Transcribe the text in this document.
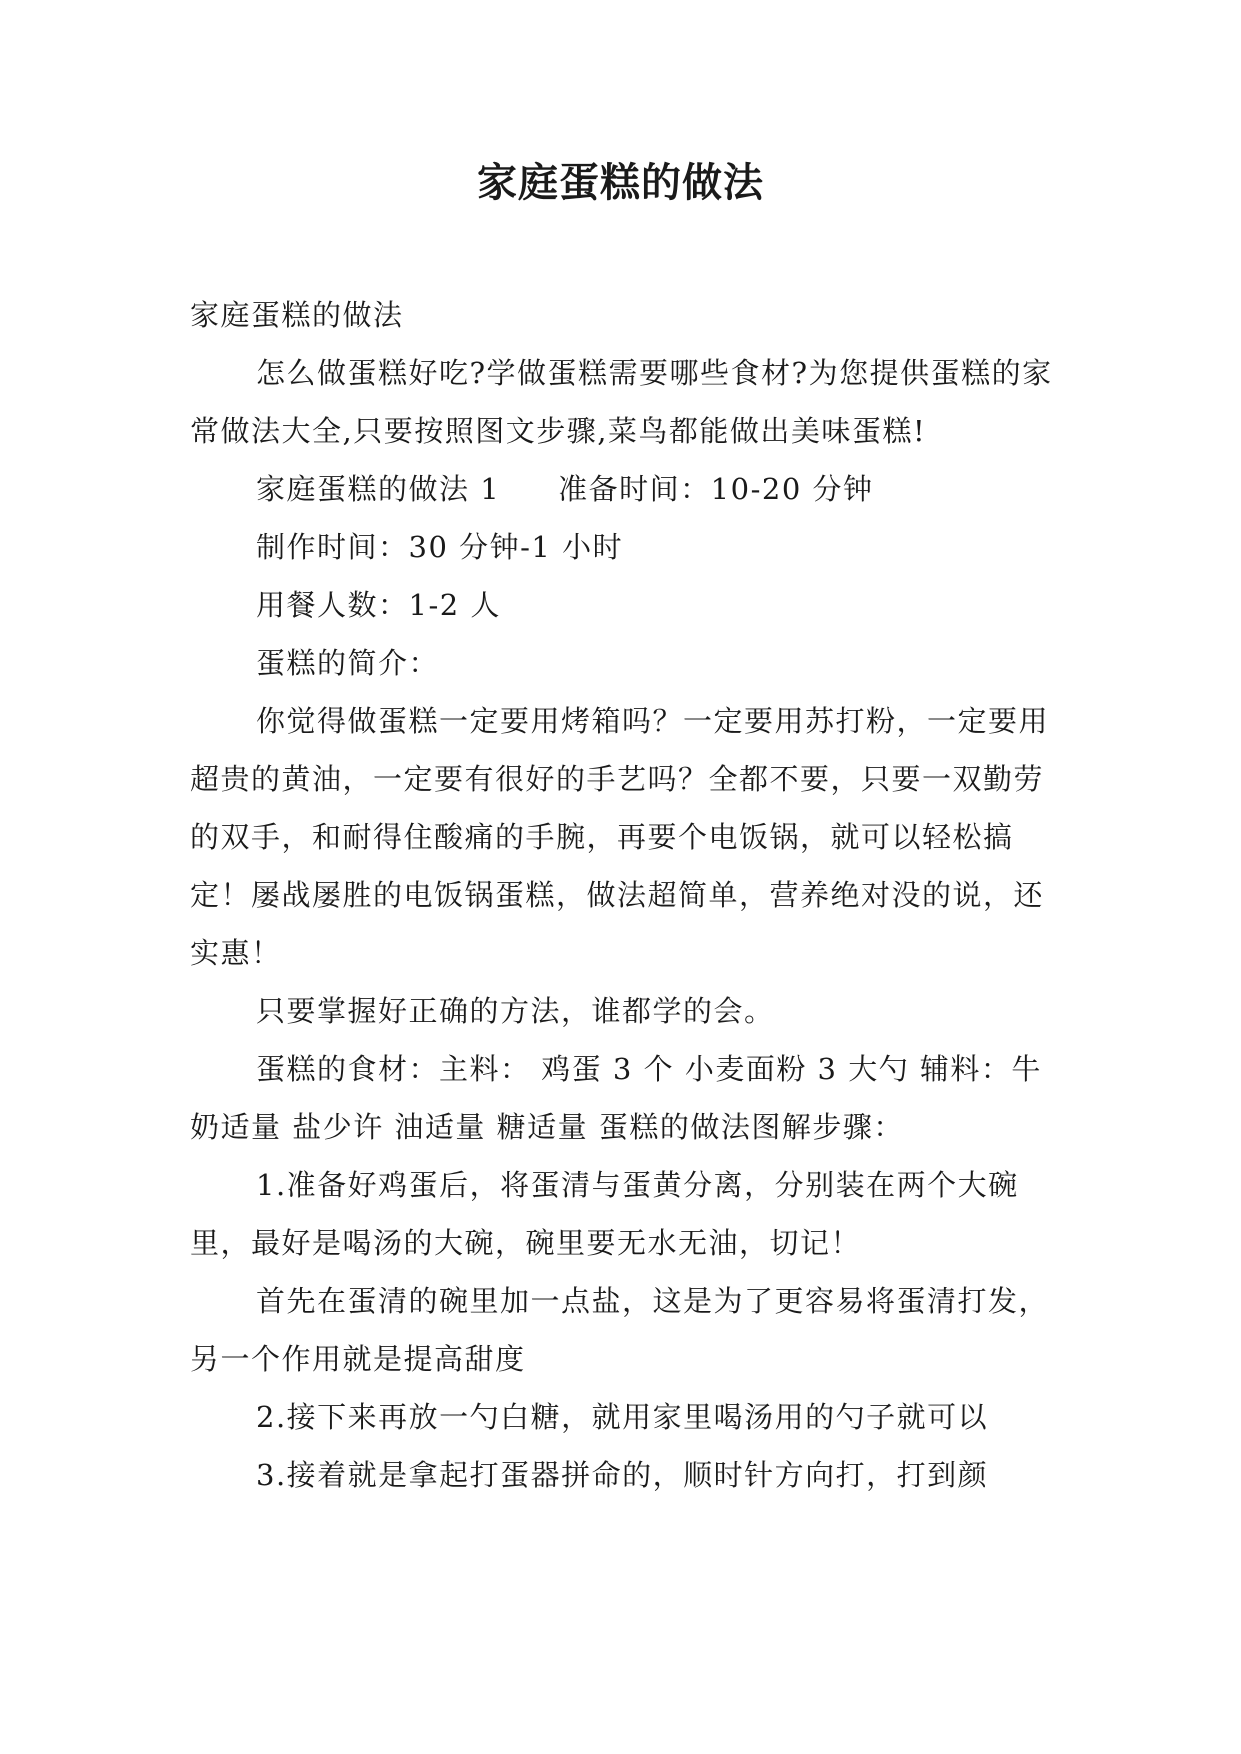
家庭蛋糕的做法

家庭蛋糕的做法

怎么做蛋糕好吃?学做蛋糕需要哪些食材?为您提供蛋糕的家常做法大全,只要按照图文步骤,菜鸟都能做出美味蛋糕!

家庭蛋糕的做法 1 准备时间：10-20 分钟

制作时间：30 分钟-1 小时

用餐人数：1-2 人

蛋糕的简介：

你觉得做蛋糕一定要用烤箱吗？一定要用苏打粉，一定要用超贵的黄油，一定要有很好的手艺吗？全都不要，只要一双勤劳的双手，和耐得住酸痛的手腕，再要个电饭锅，就可以轻松搞定！屡战屡胜的电饭锅蛋糕，做法超简单，营养绝对没的说，还实惠！

只要掌握好正确的方法，谁都学的会。

蛋糕的食材：主料： 鸡蛋 3 个 小麦面粉 3 大勺 辅料：牛奶适量 盐少许 油适量 糖适量 蛋糕的做法图解步骤：

1.准备好鸡蛋后，将蛋清与蛋黄分离，分别装在两个大碗里，最好是喝汤的大碗，碗里要无水无油，切记！

首先在蛋清的碗里加一点盐，这是为了更容易将蛋清打发，另一个作用就是提高甜度

2.接下来再放一勺白糖，就用家里喝汤用的勺子就可以

3.接着就是拿起打蛋器拼命的，顺时针方向打，打到颜
